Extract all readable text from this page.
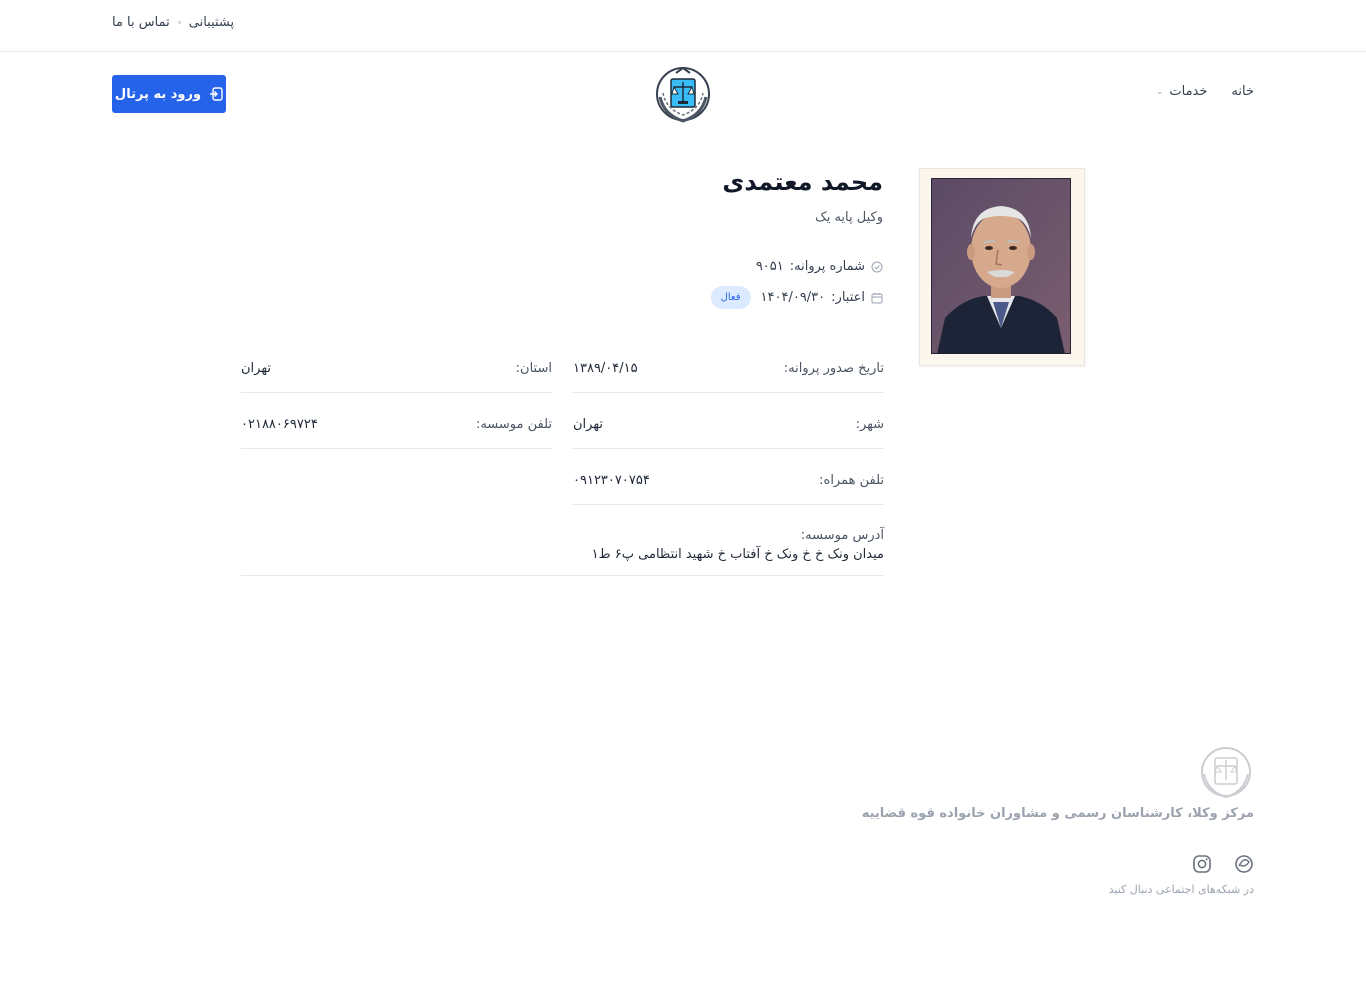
تماس با ما پشتیبانی
خانه
خدمات
⌄
ورود به پرتال
محمد معتمدی
وکیل پایه یک
شماره پروانه:
۹۰۵۱
اعتبار:
۱۴۰۴/۰۹/۳۰
فعال
تاریخ صدور پروانه:
۱۳۸۹/۰۴/۱۵
استان:
تهران
شهر:
تهران
تلفن موسسه:
۰۲۱۸۸۰۶۹۷۲۴
تلفن همراه:
۰۹۱۲۳۰۷۰۷۵۴
آدرس موسسه:
میدان ونک خ خ ونک خ آفتاب خ شهید انتظامی پ۶ ط۱
مرکز وکلا، کارشناسان رسمی و مشاوران خانواده قوه قضاییه
در شبکه‌های اجتماعی دنبال کنید
